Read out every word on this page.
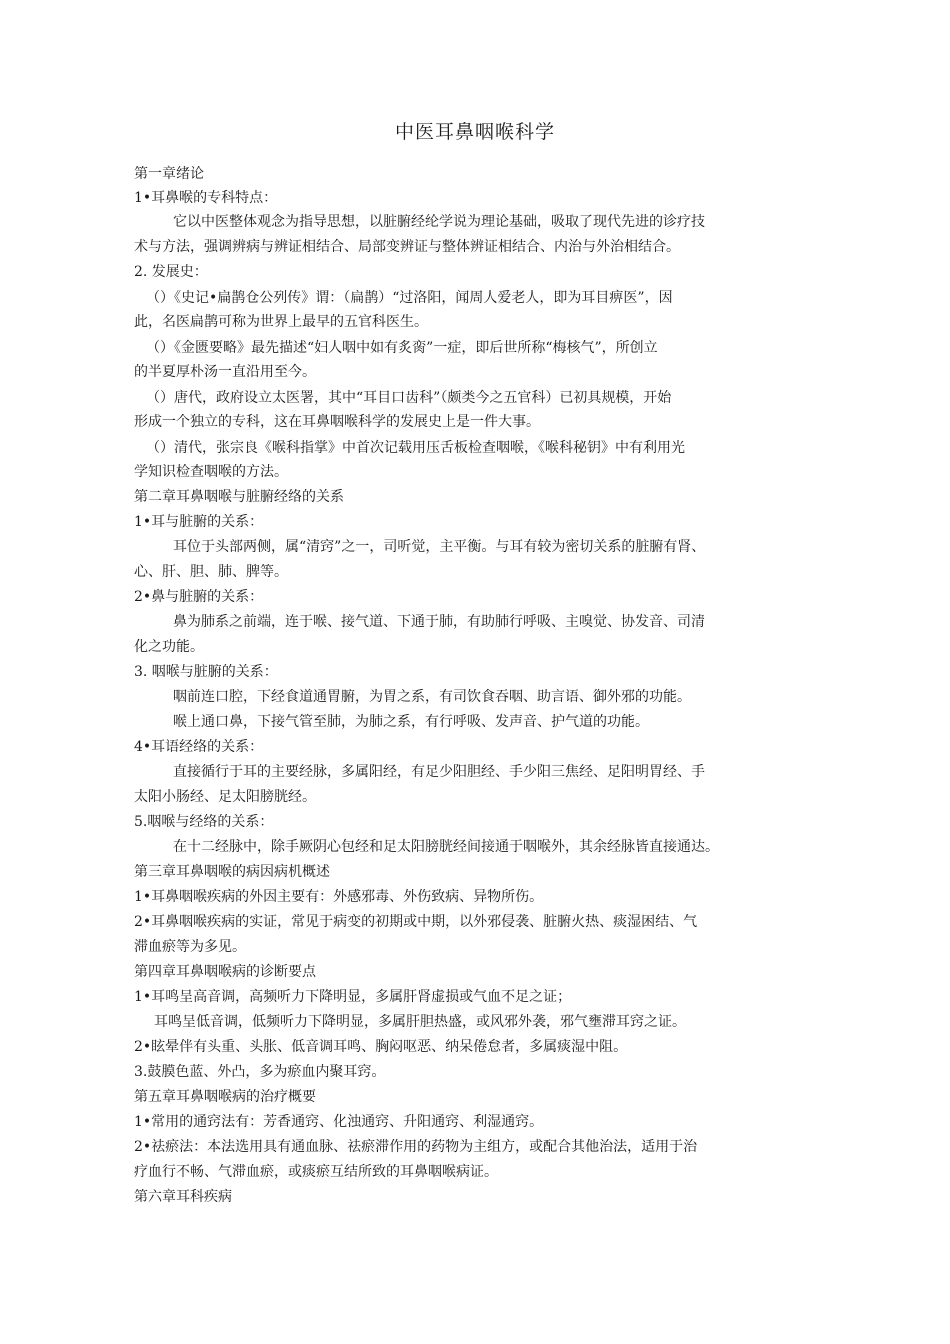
中医耳鼻咽喉科学
第一章绪论
1•耳鼻喉的专科特点：
它以中医整体观念为指导思想，以脏腑经纶学说为理论基础，吸取了现代先进的诊疗技
术与方法，强调辨病与辨证相结合、局部变辨证与整体辨证相结合、内治与外治相结合。
2. 发展史：
（）《史记•扁鹊仓公列传》谓：（扁鹊）“过洛阳，闻周人爱老人，即为耳目痹医”，因
此，名医扁鹊可称为世界上最早的五官科医生。
（）《金匮要略》最先描述“妇人咽中如有炙脔”一症，即后世所称“梅核气”，所创立
的半夏厚朴汤一直沿用至今。
（）唐代，政府设立太医署，其中“耳目口齿科”（颇类今之五官科）已初具规模，开始
形成一个独立的专科，这在耳鼻咽喉科学的发展史上是一件大事。
（）清代，张宗良《喉科指掌》中首次记载用压舌板检查咽喉，《喉科秘钥》中有利用光
学知识检查咽喉的方法。
第二章耳鼻咽喉与脏腑经络的关系
1•耳与脏腑的关系：
耳位于头部两侧，属“清窍”之一，司听觉，主平衡。与耳有较为密切关系的脏腑有肾、
心、肝、胆、肺、脾等。
2•鼻与脏腑的关系：
鼻为肺系之前端，连于喉、接气道、下通于肺，有助肺行呼吸、主嗅觉、协发音、司清
化之功能。
3. 咽喉与脏腑的关系：
咽前连口腔，下经食道通胃腑，为胃之系，有司饮食吞咽、助言语、御外邪的功能。
喉上通口鼻，下接气管至肺，为肺之系，有行呼吸、发声音、护气道的功能。
4•耳语经络的关系：
直接循行于耳的主要经脉，多属阳经，有足少阳胆经、手少阳三焦经、足阳明胃经、手
太阳小肠经、足太阳膀胱经。
5.咽喉与经络的关系：
在十二经脉中，除手厥阴心包经和足太阳膀胱经间接通于咽喉外，其余经脉皆直接通达。
第三章耳鼻咽喉的病因病机概述
1•耳鼻咽喉疾病的外因主要有：外感邪毒、外伤致病、异物所伤。
2•耳鼻咽喉疾病的实证，常见于病变的初期或中期，以外邪侵袭、脏腑火热、痰湿困结、气
滞血瘀等为多见。
第四章耳鼻咽喉病的诊断要点
1•耳鸣呈高音调，高频听力下降明显，多属肝肾虚损或气血不足之证；
耳鸣呈低音调，低频听力下降明显，多属肝胆热盛，或风邪外袭，邪气壅滞耳窍之证。
2•眩晕伴有头重、头胀、低音调耳鸣、胸闷呕恶、纳呆倦怠者，多属痰湿中阻。
3.鼓膜色蓝、外凸，多为瘀血内聚耳窍。
第五章耳鼻咽喉病的治疗概要
1•常用的通窍法有：芳香通窍、化浊通窍、升阳通窍、利湿通窍。
2•祛瘀法：本法选用具有通血脉、祛瘀滞作用的药物为主组方，或配合其他治法，适用于治
疗血行不畅、气滞血瘀，或痰瘀互结所致的耳鼻咽喉病证。
第六章耳科疾病
